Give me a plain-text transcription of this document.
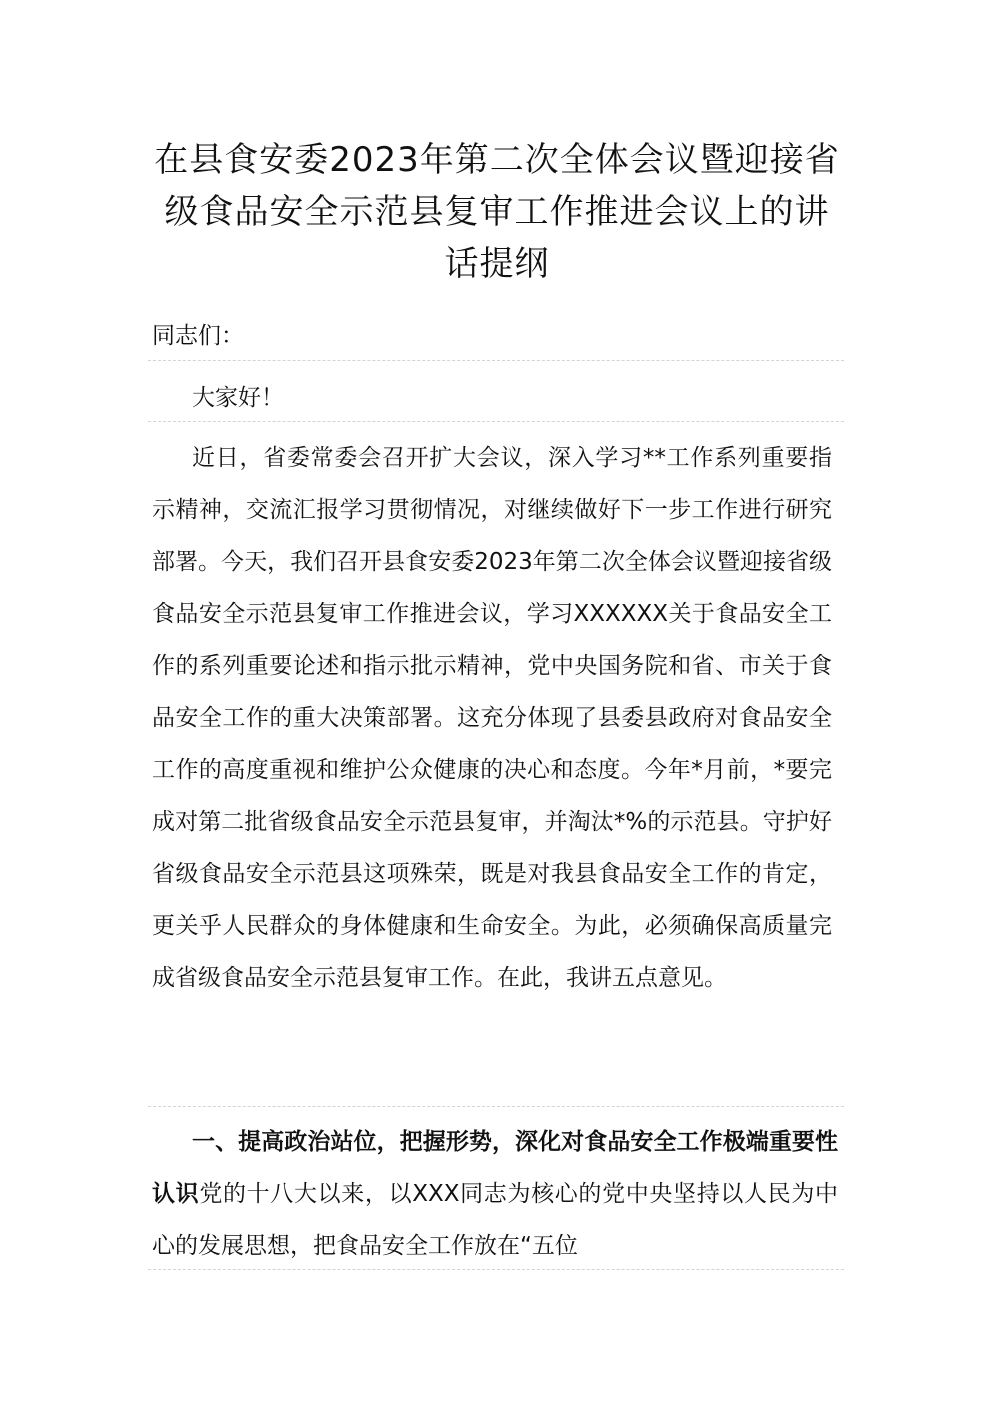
在县食安委2023年第二次全体会议暨迎接省级食品安全示范县复审工作推进会议上的讲话提纲
同志们：
大家好！

近日，省委常委会召开扩大会议，深入学习**工作系列重要指示精神，交流汇报学习贯彻情况，对继续做好下一步工作进行研究部署。今天，我们召开县食安委2023年第二次全体会议暨迎接省级食品安全示范县复审工作推进会议，学习XXXXXX关于食品安全工作的系列重要论述和指示批示精神，党中央国务院和省、市关于食品安全工作的重大决策部署。这充分体现了县委县政府对食品安全工作的高度重视和维护公众健康的决心和态度。今年*月前，*要完成对第二批省级食品安全示范县复审，并淘汰*%的示范县。守护好省级食品安全示范县这项殊荣，既是对我县食品安全工作的肯定，更关乎人民群众的身体健康和生命安全。为此，必须确保高质量完成省级食品安全示范县复审工作。在此，我讲五点意见。

一、提高政治站位，把握形势，深化对食品安全工作极端重要性认识党的十八大以来，以XXX同志为核心的党中央坚持以人民为中心的发展思想，把食品安全工作放在“五位
